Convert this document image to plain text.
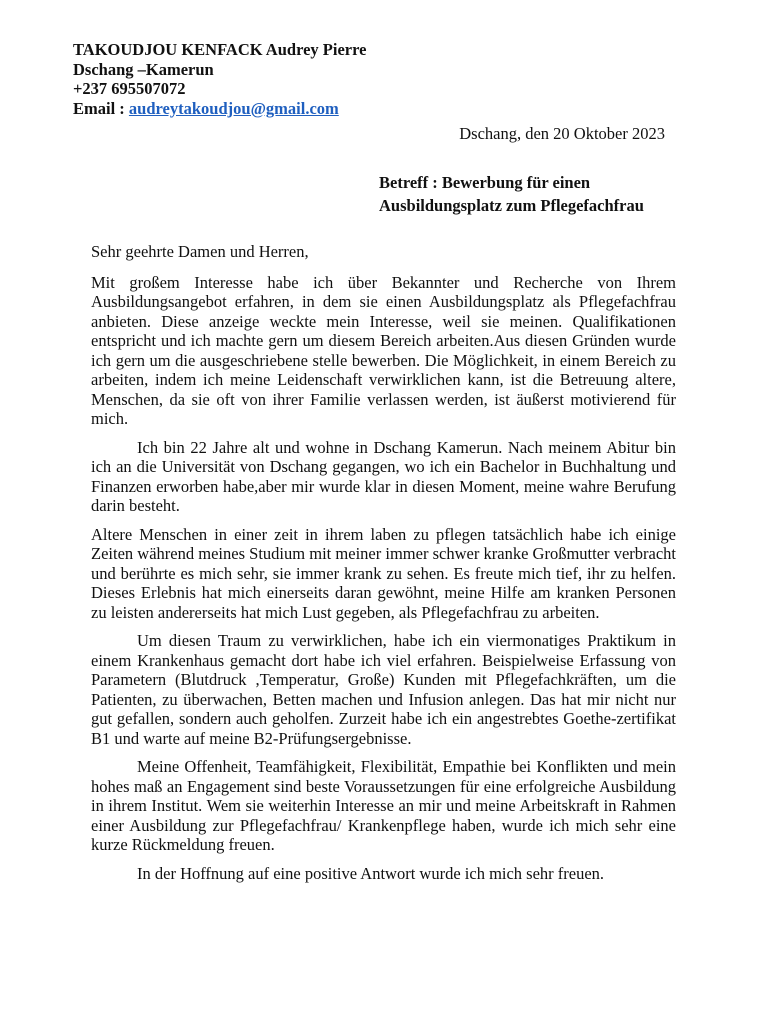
TAKOUDJOU KENFACK Audrey Pierre
Dschang –Kamerun
+237 695507072
Email : audreytakoudjou@gmail.com
Dschang, den 20 Oktober 2023
Betreff : Bewerbung für einen
Ausbildungsplatz zum Pflegefachfrau

Sehr geehrte Damen und Herren,

Mit großem Interesse habe ich über Bekannter und Recherche von Ihrem Ausbildungsangebot erfahren, in dem sie einen Ausbildungsplatz als Pflegefachfrau anbieten. Diese anzeige weckte mein Interesse, weil sie meinen. Qualifikationen entspricht und ich machte gern um diesem Bereich arbeiten.Aus diesen Gründen wurde ich gern um die ausgeschriebene stelle bewerben. Die Möglichkeit, in einem Bereich zu arbeiten, indem ich meine Leidenschaft verwirklichen kann, ist die Betreuung altere, Menschen, da sie oft von ihrer Familie verlassen werden, ist äußerst motivierend für mich.

Ich bin 22 Jahre alt und wohne in Dschang Kamerun. Nach meinem Abitur bin ich an die Universität von Dschang gegangen, wo ich ein Bachelor in Buchhaltung und Finanzen erworben habe,aber mir wurde klar in diesen Moment, meine wahre Berufung darin besteht.

Altere Menschen in einer zeit in ihrem laben zu pflegen tatsächlich habe ich einige Zeiten während meines Studium mit meiner immer schwer kranke Großmutter verbracht und berührte es mich sehr, sie immer krank zu sehen. Es freute mich tief, ihr zu helfen. Dieses Erlebnis hat mich einerseits daran gewöhnt, meine Hilfe am kranken Personen zu leisten andererseits hat mich Lust gegeben, als Pflegefachfrau zu arbeiten.

Um diesen Traum zu verwirklichen, habe ich ein viermonatiges Praktikum in einem Krankenhaus gemacht dort habe ich viel erfahren. Beispielweise Erfassung von Parametern (Blutdruck ,Temperatur, Große) Kunden mit Pflegefachkräften, um die Patienten, zu überwachen, Betten machen und Infusion anlegen. Das hat mir nicht nur gut gefallen, sondern auch geholfen. Zurzeit habe ich ein angestrebtes Goethe-zertifikat B1 und warte auf meine B2-Prüfungsergebnisse.

Meine Offenheit, Teamfähigkeit, Flexibilität, Empathie bei Konflikten und mein hohes maß an Engagement sind beste Voraussetzungen für eine erfolgreiche Ausbildung in ihrem Institut. Wem sie weiterhin Interesse an mir und meine Arbeitskraft in Rahmen einer Ausbildung zur Pflegefachfrau/ Krankenpflege haben, wurde ich mich sehr eine kurze Rückmeldung freuen.

In der Hoffnung auf eine positive Antwort wurde ich mich sehr freuen.
